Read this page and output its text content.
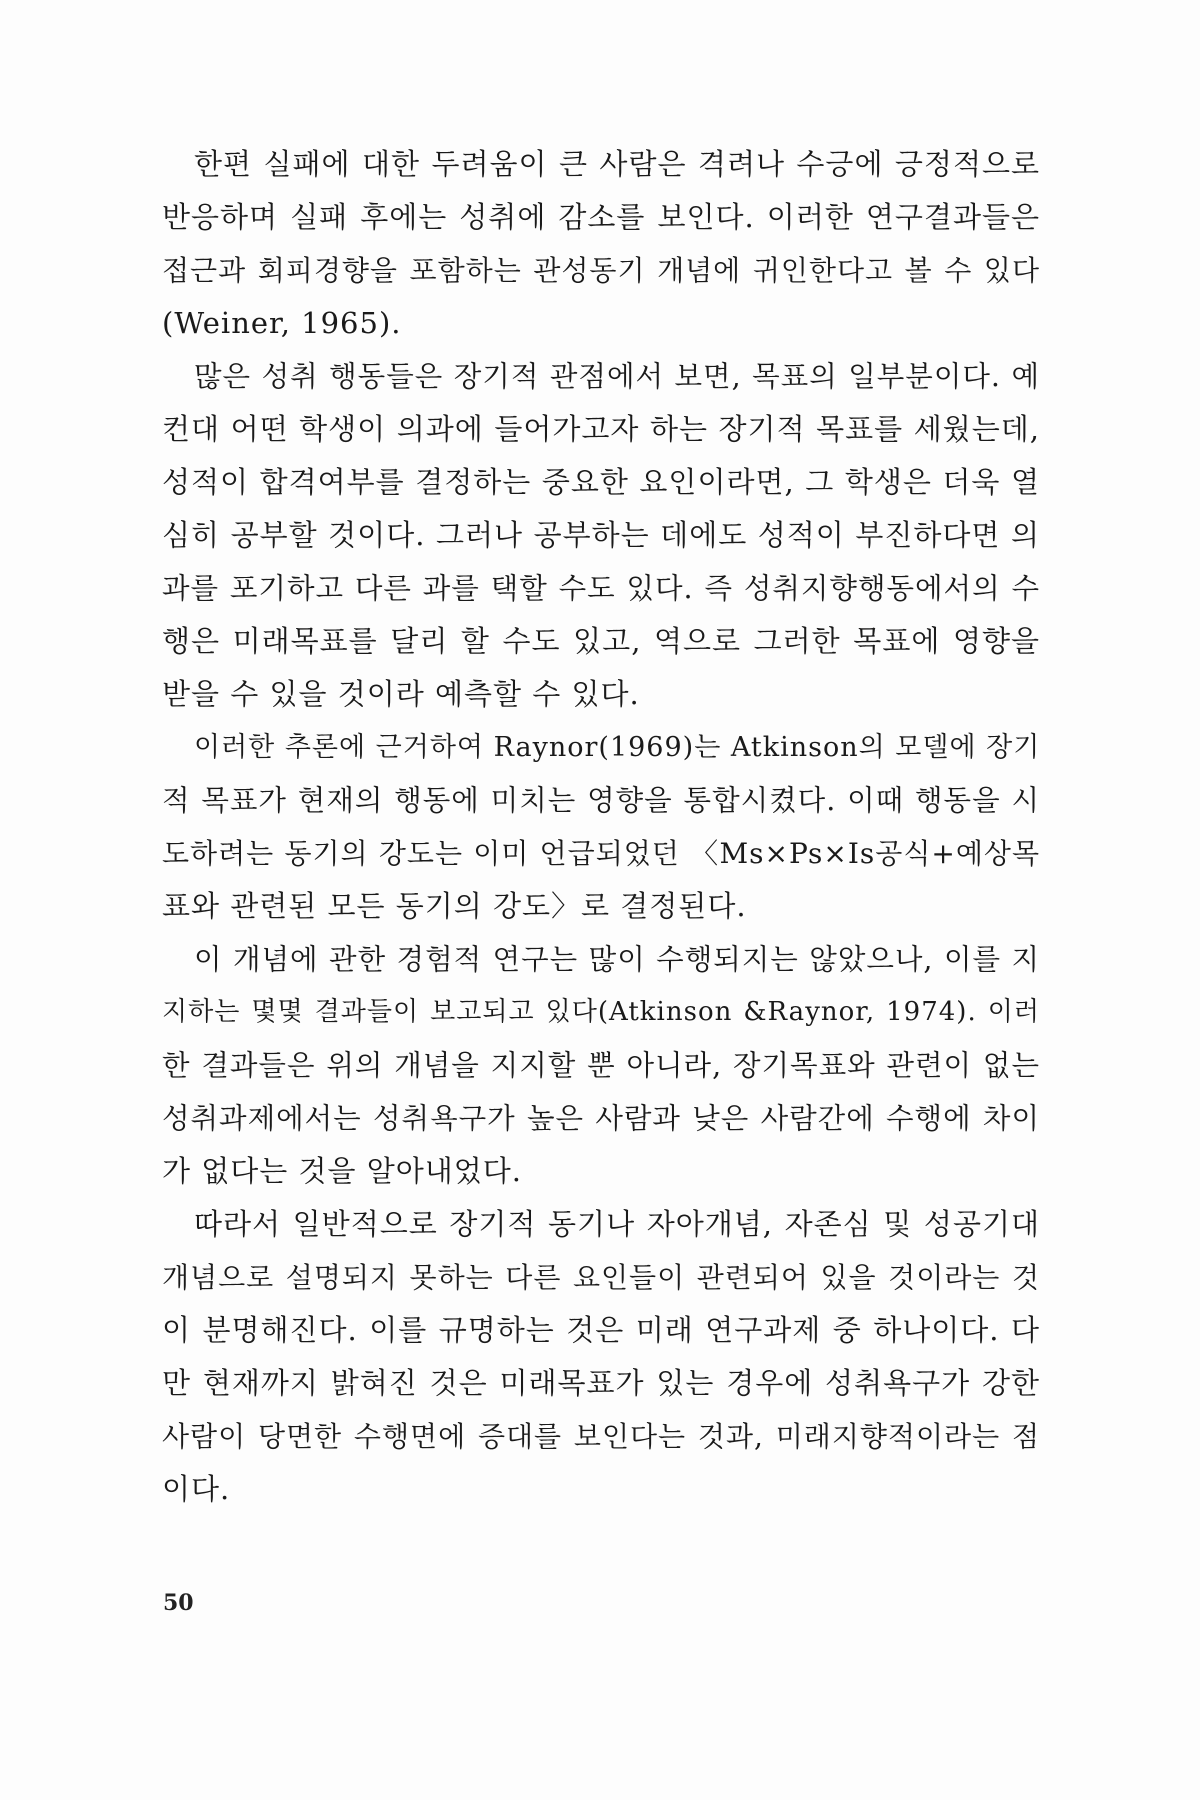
한편 실패에 대한 두려움이 큰 사람은 격려나 수긍에 긍정적으로
반응하며 실패 후에는 성취에 감소를 보인다. 이러한 연구결과들은
접근과 회피경향을 포함하는 관성동기 개념에 귀인한다고 볼 수 있다
(Weiner, 1965).
많은 성취 행동들은 장기적 관점에서 보면, 목표의 일부분이다. 예
컨대 어떤 학생이 의과에 들어가고자 하는 장기적 목표를 세웠는데,
성적이 합격여부를 결정하는 중요한 요인이라면, 그 학생은 더욱 열
심히 공부할 것이다. 그러나 공부하는 데에도 성적이 부진하다면 의
과를 포기하고 다른 과를 택할 수도 있다. 즉 성취지향행동에서의 수
행은 미래목표를 달리 할 수도 있고, 역으로 그러한 목표에 영향을
받을 수 있을 것이라 예측할 수 있다.
이러한 추론에 근거하여 Raynor(1969)는 Atkinson의 모델에 장기
적 목표가 현재의 행동에 미치는 영향을 통합시켰다. 이때 행동을 시
도하려는 동기의 강도는 이미 언급되었던 〈Ms×Ps×Is공식+예상목
표와 관련된 모든 동기의 강도〉로 결정된다.
이 개념에 관한 경험적 연구는 많이 수행되지는 않았으나, 이를 지
지하는 몇몇 결과들이 보고되고 있다(Atkinson &Raynor, 1974). 이러
한 결과들은 위의 개념을 지지할 뿐 아니라, 장기목표와 관련이 없는
성취과제에서는 성취욕구가 높은 사람과 낮은 사람간에 수행에 차이
가 없다는 것을 알아내었다.
따라서 일반적으로 장기적 동기나 자아개념, 자존심 및 성공기대
개념으로 설명되지 못하는 다른 요인들이 관련되어 있을 것이라는 것
이 분명해진다. 이를 규명하는 것은 미래 연구과제 중 하나이다. 다
만 현재까지 밝혀진 것은 미래목표가 있는 경우에 성취욕구가 강한
사람이 당면한 수행면에 증대를 보인다는 것과, 미래지향적이라는 점
이다.
50
